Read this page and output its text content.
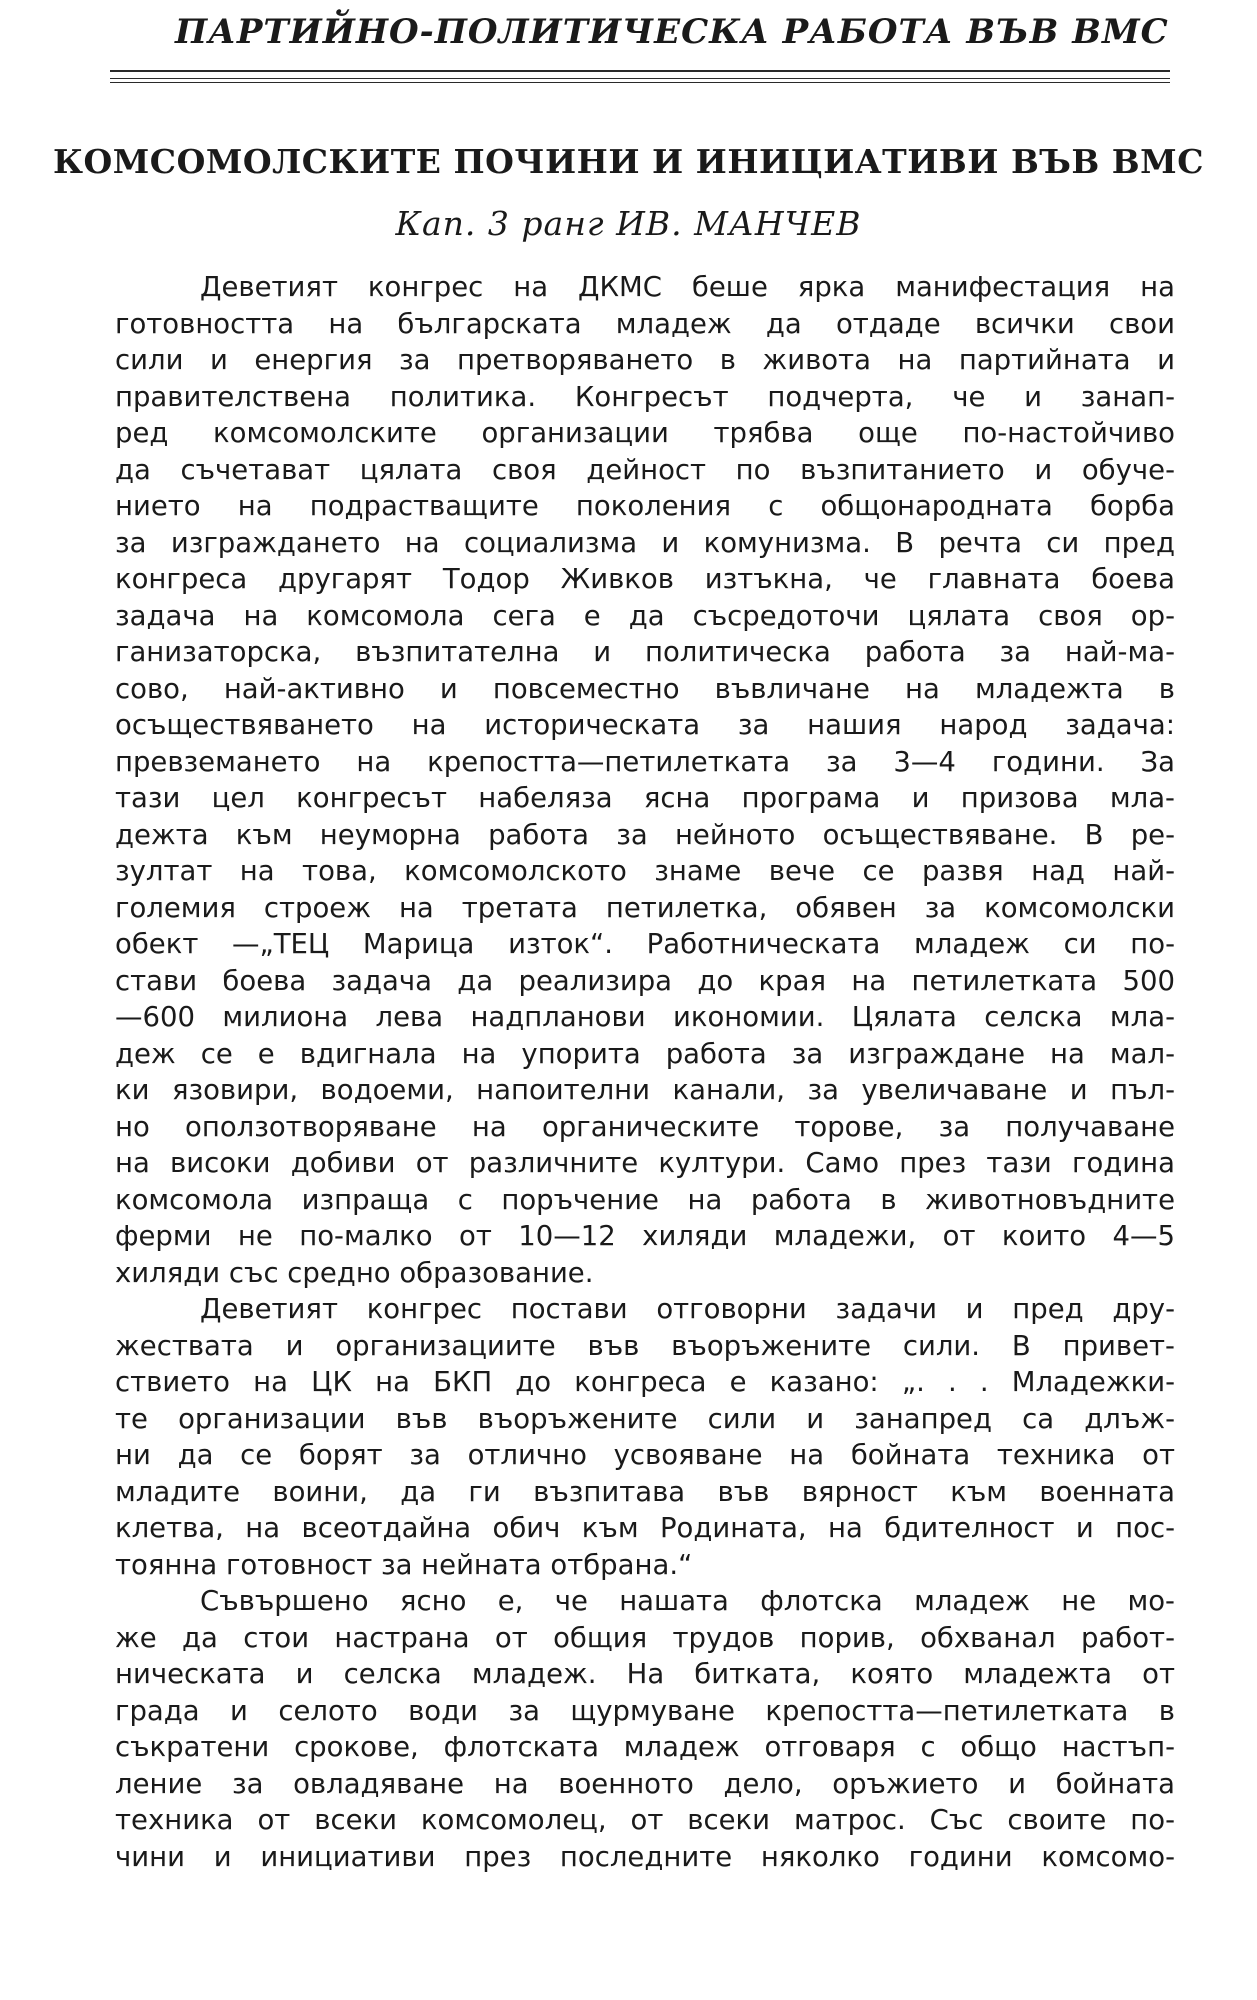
ПАРТИЙНО-ПОЛИТИЧЕСКА РАБОТА ВЪВ ВМС
КОМСОМОЛСКИТЕ ПОЧИНИ И ИНИЦИАТИВИ ВЪВ ВМС
Кап. 3 ранг ИВ. МАНЧЕВ
Деветият конгрес на ДКМС беше ярка манифестация на
готовността на българската младеж да отдаде всички свои
сили и енергия за претворяването в живота на партийната и
правителствена политика. Конгресът подчерта, че и занап-
ред комсомолските организации трябва още по-настойчиво
да съчетават цялата своя дейност по възпитанието и обуче-
нието на подрастващите поколения с общонародната борба
за изграждането на социализма и комунизма. В речта си пред
конгреса другарят Тодор Живков изтъкна, че главната боева
задача на комсомола сега е да съсредоточи цялата своя ор-
ганизаторска, възпитателна и политическа работа за най-ма-
сово, най-активно и повсеместно въвличане на младежта в
осъществяването на историческата за нашия народ задача:
превземането на крепостта—петилетката за 3—4 години. За
тази цел конгресът набеляза ясна програма и призова мла-
дежта към неуморна работа за нейното осъществяване. В ре-
зултат на това, комсомолското знаме вече се развя над най-
големия строеж на третата петилетка, обявен за комсомолски
обект —„ТЕЦ Марица изток“. Работническата младеж си по-
стави боева задача да реализира до края на петилетката 500
—600 милиона лева надпланови икономии. Цялата селска мла-
деж се е вдигнала на упорита работа за изграждане на мал-
ки язовири, водоеми, напоителни канали, за увеличаване и пъл-
но оползотворяване на органическите торове, за получаване
на високи добиви от различните култури. Само през тази година
комсомола изпраща с поръчение на работа в животновъдните
ферми не по-малко от 10—12 хиляди младежи, от които 4—5
хиляди със средно образование.
Деветият конгрес постави отговорни задачи и пред дру-
жествата и организациите във въоръжените сили. В привет-
ствието на ЦК на БКП до конгреса е казано: „. . . Младежки-
те организации във въоръжените сили и занапред са длъж-
ни да се борят за отлично усвояване на бойната техника от
младите воини, да ги възпитава във вярност към военната
клетва, на всеотдайна обич към Родината, на бдителност и пос-
тоянна готовност за нейната отбрана.“
Съвършено ясно е, че нашата флотска младеж не мо-
же да стои настрана от общия трудов порив, обхванал работ-
ническата и селска младеж. На битката, която младежта от
града и селото води за щурмуване крепостта—петилетката в
съкратени срокове, флотската младеж отговаря с общо настъп-
ление за овладяване на военното дело, оръжието и бойната
техника от всеки комсомолец, от всеки матрос. Със своите по-
чини и инициативи през последните няколко години комсомо-
